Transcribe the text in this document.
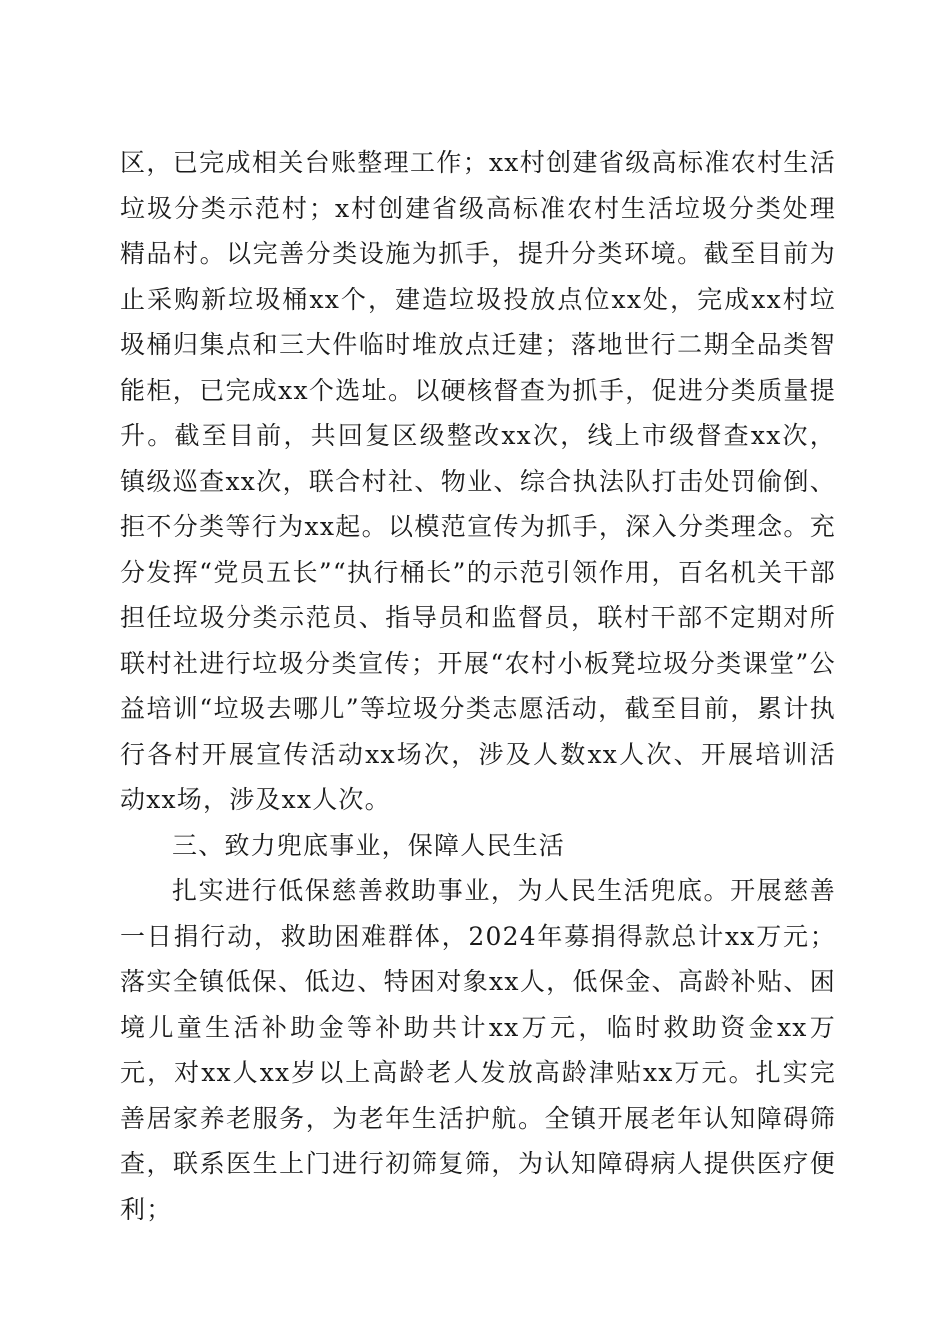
区，已完成相关台账整理工作；xx村创建省级高标准农村生活垃圾分类示范村；x村创建省级高标准农村生活垃圾分类处理精品村。以完善分类设施为抓手，提升分类环境。截至目前为止采购新垃圾桶xx个，建造垃圾投放点位xx处，完成xx村垃圾桶归集点和三大件临时堆放点迁建；落地世行二期全品类智能柜，已完成xx个选址。以硬核督查为抓手，促进分类质量提升。截至目前，共回复区级整改xx次，线上市级督查xx次，镇级巡查xx次，联合村社、物业、综合执法队打击处罚偷倒、拒不分类等行为xx起。以模范宣传为抓手，深入分类理念。充分发挥“党员五长”“执行桶长”的示范引领作用，百名机关干部担任垃圾分类示范员、指导员和监督员，联村干部不定期对所联村社进行垃圾分类宣传；开展“农村小板凳垃圾分类课堂”公益培训“垃圾去哪儿”等垃圾分类志愿活动，截至目前，累计执行各村开展宣传活动xx场次，涉及人数xx人次、开展培训活动xx场，涉及xx人次。

三、致力兜底事业，保障人民生活

扎实进行低保慈善救助事业，为人民生活兜底。开展慈善一日捐行动，救助困难群体，2024年募捐得款总计xx万元；落实全镇低保、低边、特困对象xx人，低保金、高龄补贴、困境儿童生活补助金等补助共计xx万元，临时救助资金xx万元，对xx人xx岁以上高龄老人发放高龄津贴xx万元。扎实完善居家养老服务，为老年生活护航。全镇开展老年认知障碍筛查，联系医生上门进行初筛复筛，为认知障碍病人提供医疗便利；
